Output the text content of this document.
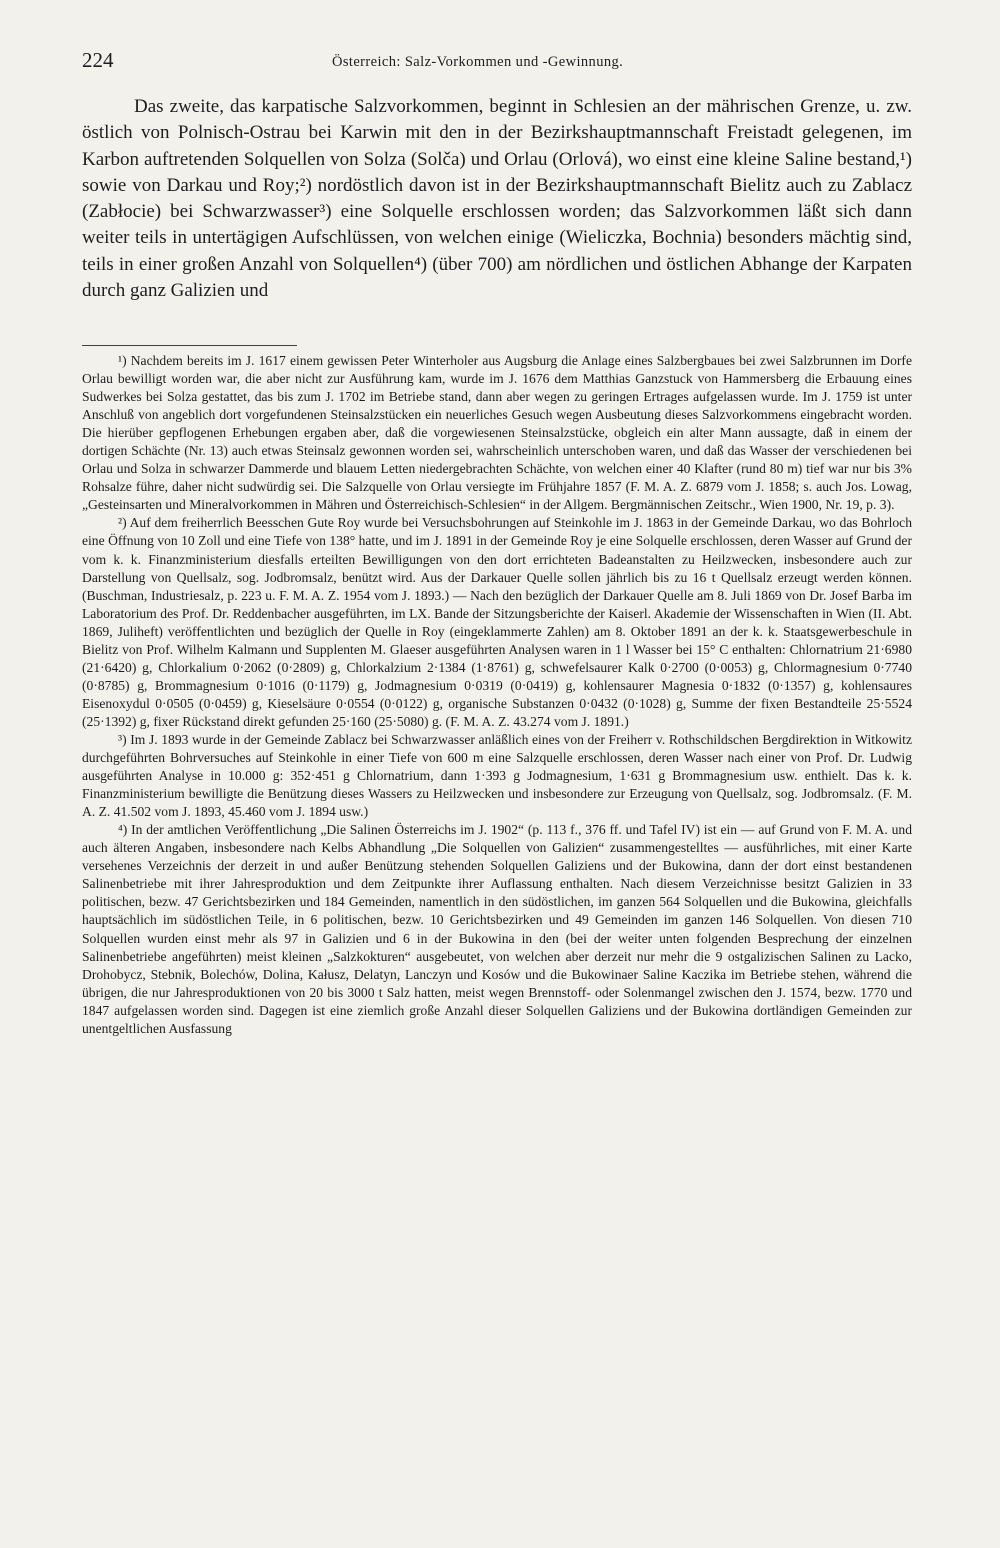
224	Österreich: Salz-Vorkommen und -Gewinnung.

Das zweite, das karpatische Salzvorkommen, beginnt in Schlesien an der mährischen Grenze, u. zw. östlich von Polnisch-Ostrau bei Karwin mit den in der Bezirkshauptmannschaft Freistadt gelegenen, im Karbon auftretenden Solquellen von Solza (Solča) und Orlau (Orlová), wo einst eine kleine Saline bestand,¹) sowie von Darkau und Roy;²) nordöstlich davon ist in der Bezirkshauptmannschaft Bielitz auch zu Zablacz (Zabłocie) bei Schwarzwasser³) eine Solquelle erschlossen worden; das Salzvorkommen läßt sich dann weiter teils in untertägigen Aufschlüssen, von welchen einige (Wieliczka, Bochnia) besonders mächtig sind, teils in einer großen Anzahl von Solquellen⁴) (über 700) am nördlichen und östlichen Abhange der Karpaten durch ganz Galizien und

¹) Nachdem bereits im J. 1617 einem gewissen Peter Winterholer aus Augsburg die Anlage eines Salzbergbaues bei zwei Salzbrunnen im Dorfe Orlau bewilligt worden war, die aber nicht zur Ausführung kam, wurde im J. 1676 dem Matthias Ganzstuck von Hammersberg die Erbauung eines Sudwerkes bei Solza gestattet, das bis zum J. 1702 im Betriebe stand, dann aber wegen zu geringen Ertrages aufgelassen wurde. Im J. 1759 ist unter Anschluß von angeblich dort vorgefundenen Steinsalzstücken ein neuerliches Gesuch wegen Ausbeutung dieses Salzvorkommens eingebracht worden. Die hierüber gepflogenen Erhebungen ergaben aber, daß die vorgewiesenen Steinsalzstücke, obgleich ein alter Mann aussagte, daß in einem der dortigen Schächte (Nr. 13) auch etwas Steinsalz gewonnen worden sei, wahrscheinlich unterschoben waren, und daß das Wasser der verschiedenen bei Orlau und Solza in schwarzer Dammerde und blauem Letten niedergebrachten Schächte, von welchen einer 40 Klafter (rund 80 m) tief war nur bis 3% Rohsalze führe, daher nicht sudwürdig sei. Die Salzquelle von Orlau versiegte im Frühjahre 1857 (F. M. A. Z. 6879 vom J. 1858; s. auch Jos. Lowag, „Gesteinsarten und Mineralvorkommen in Mähren und Österreichisch-Schlesien“ in der Allgem. Bergmännischen Zeitschr., Wien 1900, Nr. 19, p. 3).

²) Auf dem freiherrlich Beesschen Gute Roy wurde bei Versuchsbohrungen auf Steinkohle im J. 1863 in der Gemeinde Darkau, wo das Bohrloch eine Öffnung von 10 Zoll und eine Tiefe von 138° hatte, und im J. 1891 in der Gemeinde Roy je eine Solquelle erschlossen, deren Wasser auf Grund der vom k. k. Finanzministerium diesfalls erteilten Bewilligungen von den dort errichteten Badeanstalten zu Heilzwecken, insbesondere auch zur Darstellung von Quellsalz, sog. Jodbromsalz, benützt wird. Aus der Darkauer Quelle sollen jährlich bis zu 16 t Quellsalz erzeugt werden können. (Buschman, Industriesalz, p. 223 u. F. M. A. Z. 1954 vom J. 1893.) — Nach den bezüglich der Darkauer Quelle am 8. Juli 1869 von Dr. Josef Barba im Laboratorium des Prof. Dr. Reddenbacher ausgeführten, im LX. Bande der Sitzungsberichte der Kaiserl. Akademie der Wissenschaften in Wien (II. Abt. 1869, Juliheft) veröffentlichten und bezüglich der Quelle in Roy (eingeklammerte Zahlen) am 8. Oktober 1891 an der k. k. Staatsgewerbeschule in Bielitz von Prof. Wilhelm Kalmann und Supplenten M. Glaeser ausgeführten Analysen waren in 1 l Wasser bei 15° C enthalten: Chlornatrium 21·6980 (21·6420) g, Chlorkalium 0·2062 (0·2809) g, Chlorkalzium 2·1384 (1·8761) g, schwefelsaurer Kalk 0·2700 (0·0053) g, Chlormagnesium 0·7740 (0·8785) g, Brommagnesium 0·1016 (0·1179) g, Jodmagnesium 0·0319 (0·0419) g, kohlensaurer Magnesia 0·1832 (0·1357) g, kohlensaures Eisenoxydul 0·0505 (0·0459) g, Kieselsäure 0·0554 (0·0122) g, organische Substanzen 0·0432 (0·1028) g, Summe der fixen Bestandteile 25·5524 (25·1392) g, fixer Rückstand direkt gefunden 25·160 (25·5080) g. (F. M. A. Z. 43.274 vom J. 1891.)

³) Im J. 1893 wurde in der Gemeinde Zablacz bei Schwarzwasser anläßlich eines von der Freiherr v. Rothschildschen Bergdirektion in Witkowitz durchgeführten Bohrversuches auf Steinkohle in einer Tiefe von 600 m eine Salzquelle erschlossen, deren Wasser nach einer von Prof. Dr. Ludwig ausgeführten Analyse in 10.000 g: 352·451 g Chlornatrium, dann 1·393 g Jodmagnesium, 1·631 g Brommagnesium usw. enthielt. Das k. k. Finanzministerium bewilligte die Benützung dieses Wassers zu Heilzwecken und insbesondere zur Erzeugung von Quellsalz, sog. Jodbromsalz. (F. M. A. Z. 41.502 vom J. 1893, 45.460 vom J. 1894 usw.)

⁴) In der amtlichen Veröffentlichung „Die Salinen Österreichs im J. 1902“ (p. 113 f., 376 ff. und Tafel IV) ist ein — auf Grund von F. M. A. und auch älteren Angaben, insbesondere nach Kelbs Abhandlung „Die Solquellen von Galizien“ zusammengestelltes — ausführliches, mit einer Karte versehenes Verzeichnis der derzeit in und außer Benützung stehenden Solquellen Galiziens und der Bukowina, dann der dort einst bestandenen Salinenbetriebe mit ihrer Jahresproduktion und dem Zeitpunkte ihrer Auflassung enthalten. Nach diesem Verzeichnisse besitzt Galizien in 33 politischen, bezw. 47 Gerichtsbezirken und 184 Gemeinden, namentlich in den südöstlichen, im ganzen 564 Solquellen und die Bukowina, gleichfalls hauptsächlich im südöstlichen Teile, in 6 politischen, bezw. 10 Gerichtsbezirken und 49 Gemeinden im ganzen 146 Solquellen. Von diesen 710 Solquellen wurden einst mehr als 97 in Galizien und 6 in der Bukowina in den (bei der weiter unten folgenden Besprechung der einzelnen Salinenbetriebe angeführten) meist kleinen „Salzkokturen“ ausgebeutet, von welchen aber derzeit nur mehr die 9 ostgalizischen Salinen zu Lacko, Drohobycz, Stebnik, Bolechów, Dolina, Kałusz, Delatyn, Lanczyn und Kosów und die Bukowinaer Saline Kaczika im Betriebe stehen, während die übrigen, die nur Jahresproduktionen von 20 bis 3000 t Salz hatten, meist wegen Brennstoff- oder Solenmangel zwischen den J. 1574, bezw. 1770 und 1847 aufgelassen worden sind. Dagegen ist eine ziemlich große Anzahl dieser Solquellen Galiziens und der Bukowina dortländigen Gemeinden zur unentgeltlichen Ausfassung
